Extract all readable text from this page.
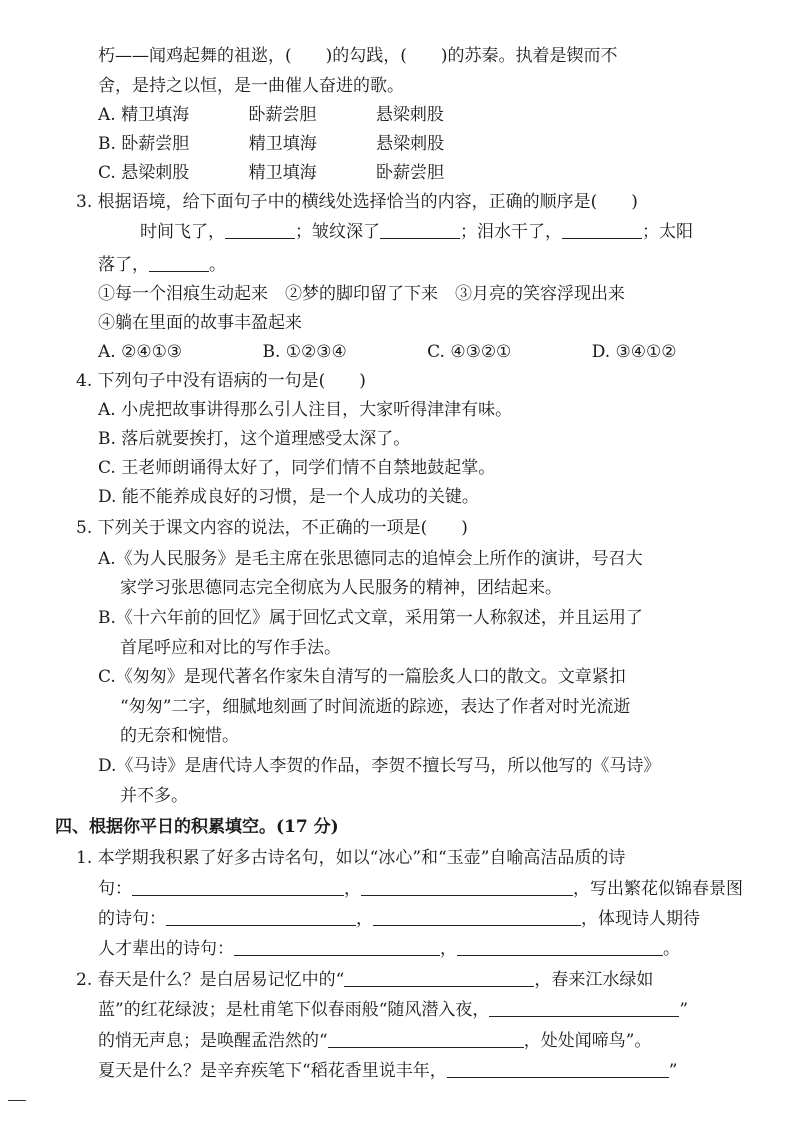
朽——闻鸡起舞的祖逖，(　　)的勾践，(　　)的苏秦。执着是锲而不
舍，是持之以恒，是一曲催人奋进的歌。
A. 精卫填海	卧薪尝胆	悬梁刺股
B. 卧薪尝胆	精卫填海	悬梁刺股
C. 悬梁刺股	精卫填海	卧薪尝胆
3. 根据语境，给下面句子中的横线处选择恰当的内容，正确的顺序是(　　)
时间飞了，	；皱纹深了	；泪水干了，	；太阳
落了，	。
①每一个泪痕生动起来　②梦的脚印留了下来　③月亮的笑容浮现出来
④躺在里面的故事丰盈起来
A. ②④①③	B. ①②③④	C. ④③②①	D. ③④①②
4. 下列句子中没有语病的一句是(　　)
A. 小虎把故事讲得那么引人注目，大家听得津津有味。
B. 落后就要挨打，这个道理感受太深了。
C. 王老师朗诵得太好了，同学们情不自禁地鼓起掌。
D. 能不能养成良好的习惯，是一个人成功的关键。
5. 下列关于课文内容的说法，不正确的一项是(　　)
A.《为人民服务》是毛主席在张思德同志的追悼会上所作的演讲，号召大
家学习张思德同志完全彻底为人民服务的精神，团结起来。
B.《十六年前的回忆》属于回忆式文章，采用第一人称叙述，并且运用了
首尾呼应和对比的写作手法。
C.《匆匆》是现代著名作家朱自清写的一篇脍炙人口的散文。文章紧扣
“匆匆”二字，细腻地刻画了时间流逝的踪迹，表达了作者对时光流逝
的无奈和惋惜。
D.《马诗》是唐代诗人李贺的作品，李贺不擅长写马，所以他写的《马诗》
并不多。
四、根据你平日的积累填空。(17 分)
1. 本学期我积累了好多古诗名句，如以“冰心”和“玉壶”自喻高洁品质的诗
句：	，	，写出繁花似锦春景图
的诗句：	，	，体现诗人期待
人才辈出的诗句：	，	。
2. 春天是什么？是白居易记忆中的“	，春来江水绿如
蓝”的红花绿波；是杜甫笔下似春雨般“随风潜入夜，	”
的悄无声息；是唤醒孟浩然的“	，处处闻啼鸟”。
夏天是什么？是辛弃疾笔下“稻花香里说丰年，	”
